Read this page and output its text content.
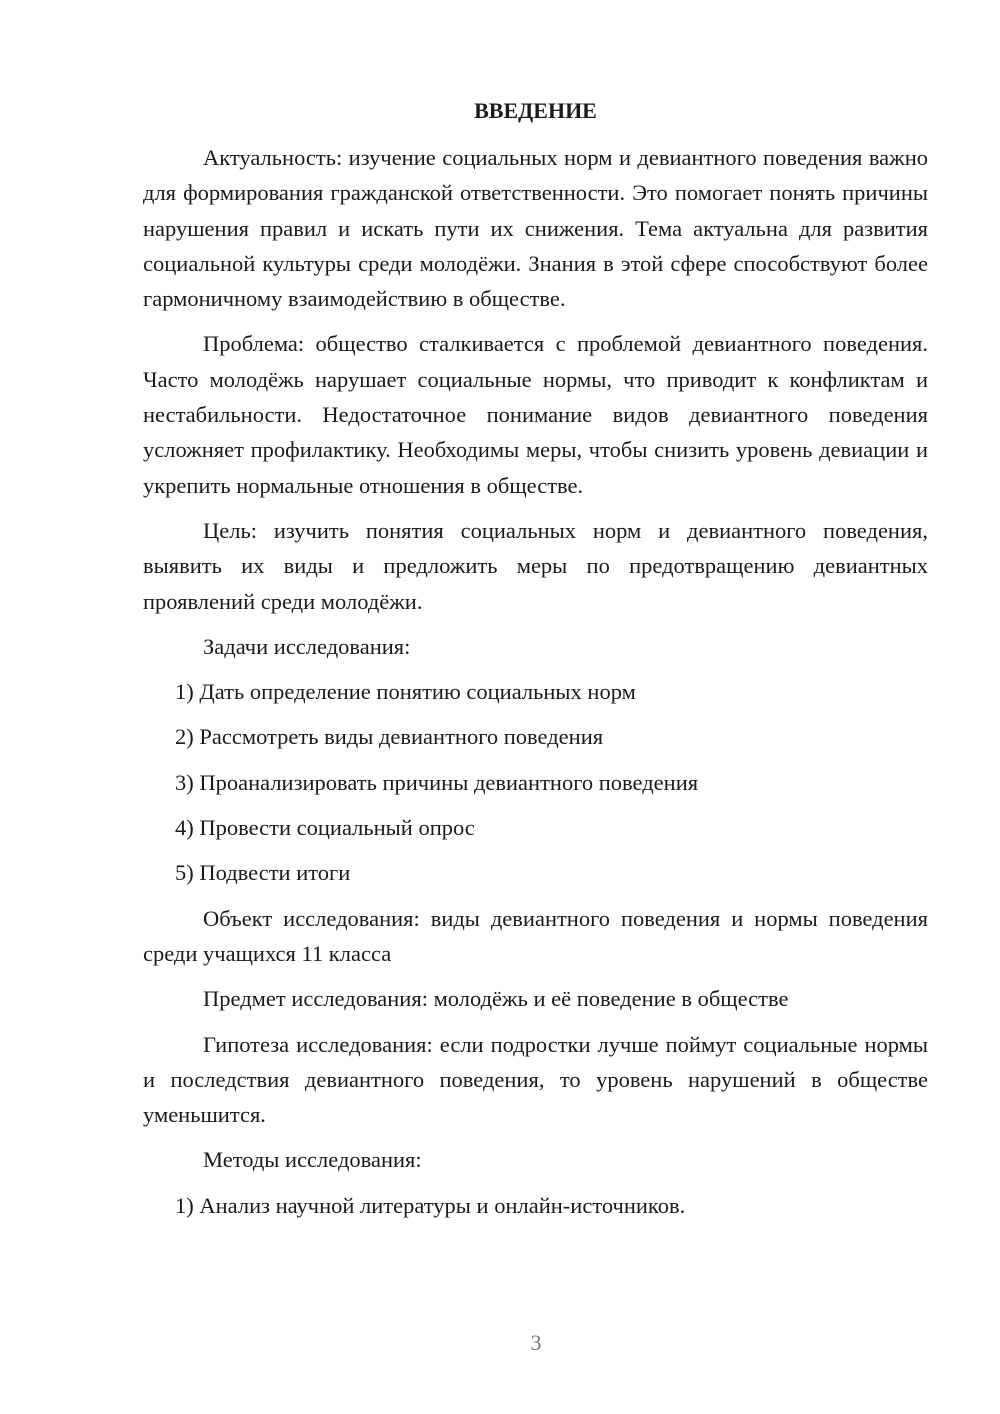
ВВЕДЕНИЕ

Актуальность: изучение социальных норм и девиантного поведения важно для формирования гражданской ответственности. Это помогает понять причины нарушения правил и искать пути их снижения. Тема актуальна для развития социальной культуры среди молодёжи. Знания в этой сфере способствуют более гармоничному взаимодействию в обществе.

Проблема: общество сталкивается с проблемой девиантного поведения. Часто молодёжь нарушает социальные нормы, что приводит к конфликтам и нестабильности. Недостаточное понимание видов девиантного поведения усложняет профилактику. Необходимы меры, чтобы снизить уровень девиации и укрепить нормальные отношения в обществе.

Цель: изучить понятия социальных норм и девиантного поведения, выявить их виды и предложить меры по предотвращению девиантных проявлений среди молодёжи.

Задачи исследования:

1) Дать определение понятию социальных норм

2) Рассмотреть виды девиантного поведения

3) Проанализировать причины девиантного поведения

4) Провести социальный опрос

5) Подвести итоги

Объект исследования: виды девиантного поведения и нормы поведения среди учащихся 11 класса

Предмет исследования: молодёжь и её поведение в обществе

Гипотеза исследования: если подростки лучше поймут социальные нормы и последствия девиантного поведения, то уровень нарушений в обществе уменьшится.

Методы исследования:

1) Анализ научной литературы и онлайн-источников.

3
